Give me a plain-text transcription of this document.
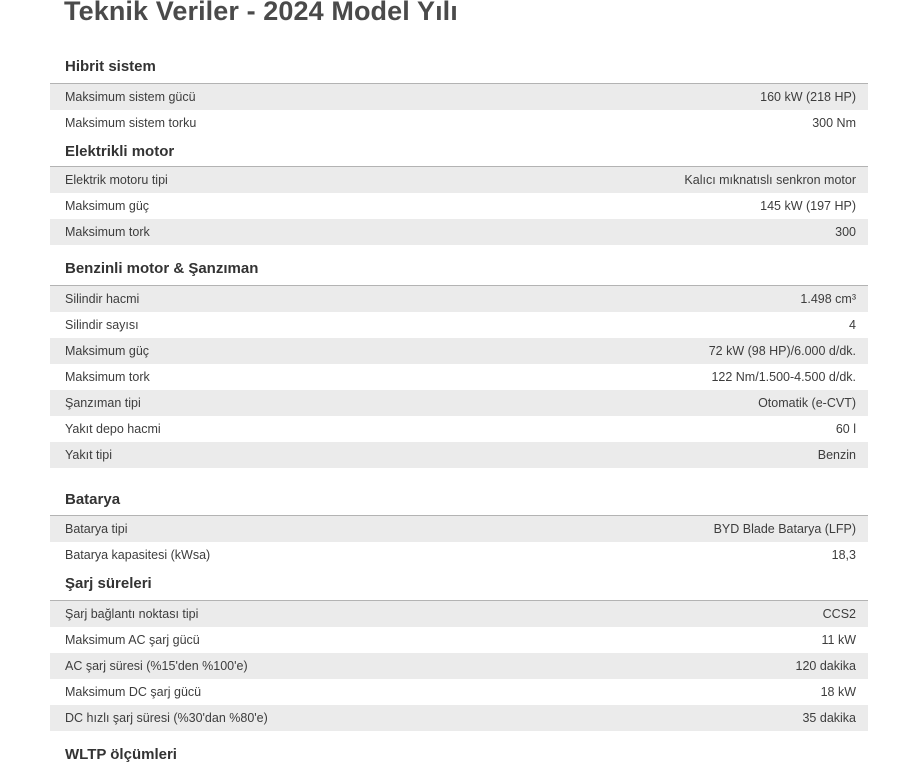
Teknik Veriler - 2024 Model Yılı
Hibrit sistem
Maksimum sistem gücü	160 kW (218 HP)
Maksimum sistem torku	300 Nm
Elektrikli motor
Elektrik motoru tipi	Kalıcı mıknatıslı senkron motor
Maksimum güç	145 kW (197 HP)
Maksimum tork	300
Benzinli motor & Şanzıman
Silindir hacmi	1.498 cm³
Silindir sayısı	4
Maksimum güç	72 kW (98 HP)/6.000 d/dk.
Maksimum tork	122 Nm/1.500-4.500 d/dk.
Şanzıman tipi	Otomatik (e-CVT)
Yakıt depo hacmi	60 l
Yakıt tipi	Benzin
Batarya
Batarya tipi	BYD Blade Batarya (LFP)
Batarya kapasitesi (kWsa)	18,3
Şarj süreleri
Şarj bağlantı noktası tipi	CCS2
Maksimum AC şarj gücü	11 kW
AC şarj süresi (%15'den %100'e)	120 dakika
Maksimum DC şarj gücü	18 kW
DC hızlı şarj süresi (%30'dan %80'e)	35 dakika
WLTP ölçümleri
